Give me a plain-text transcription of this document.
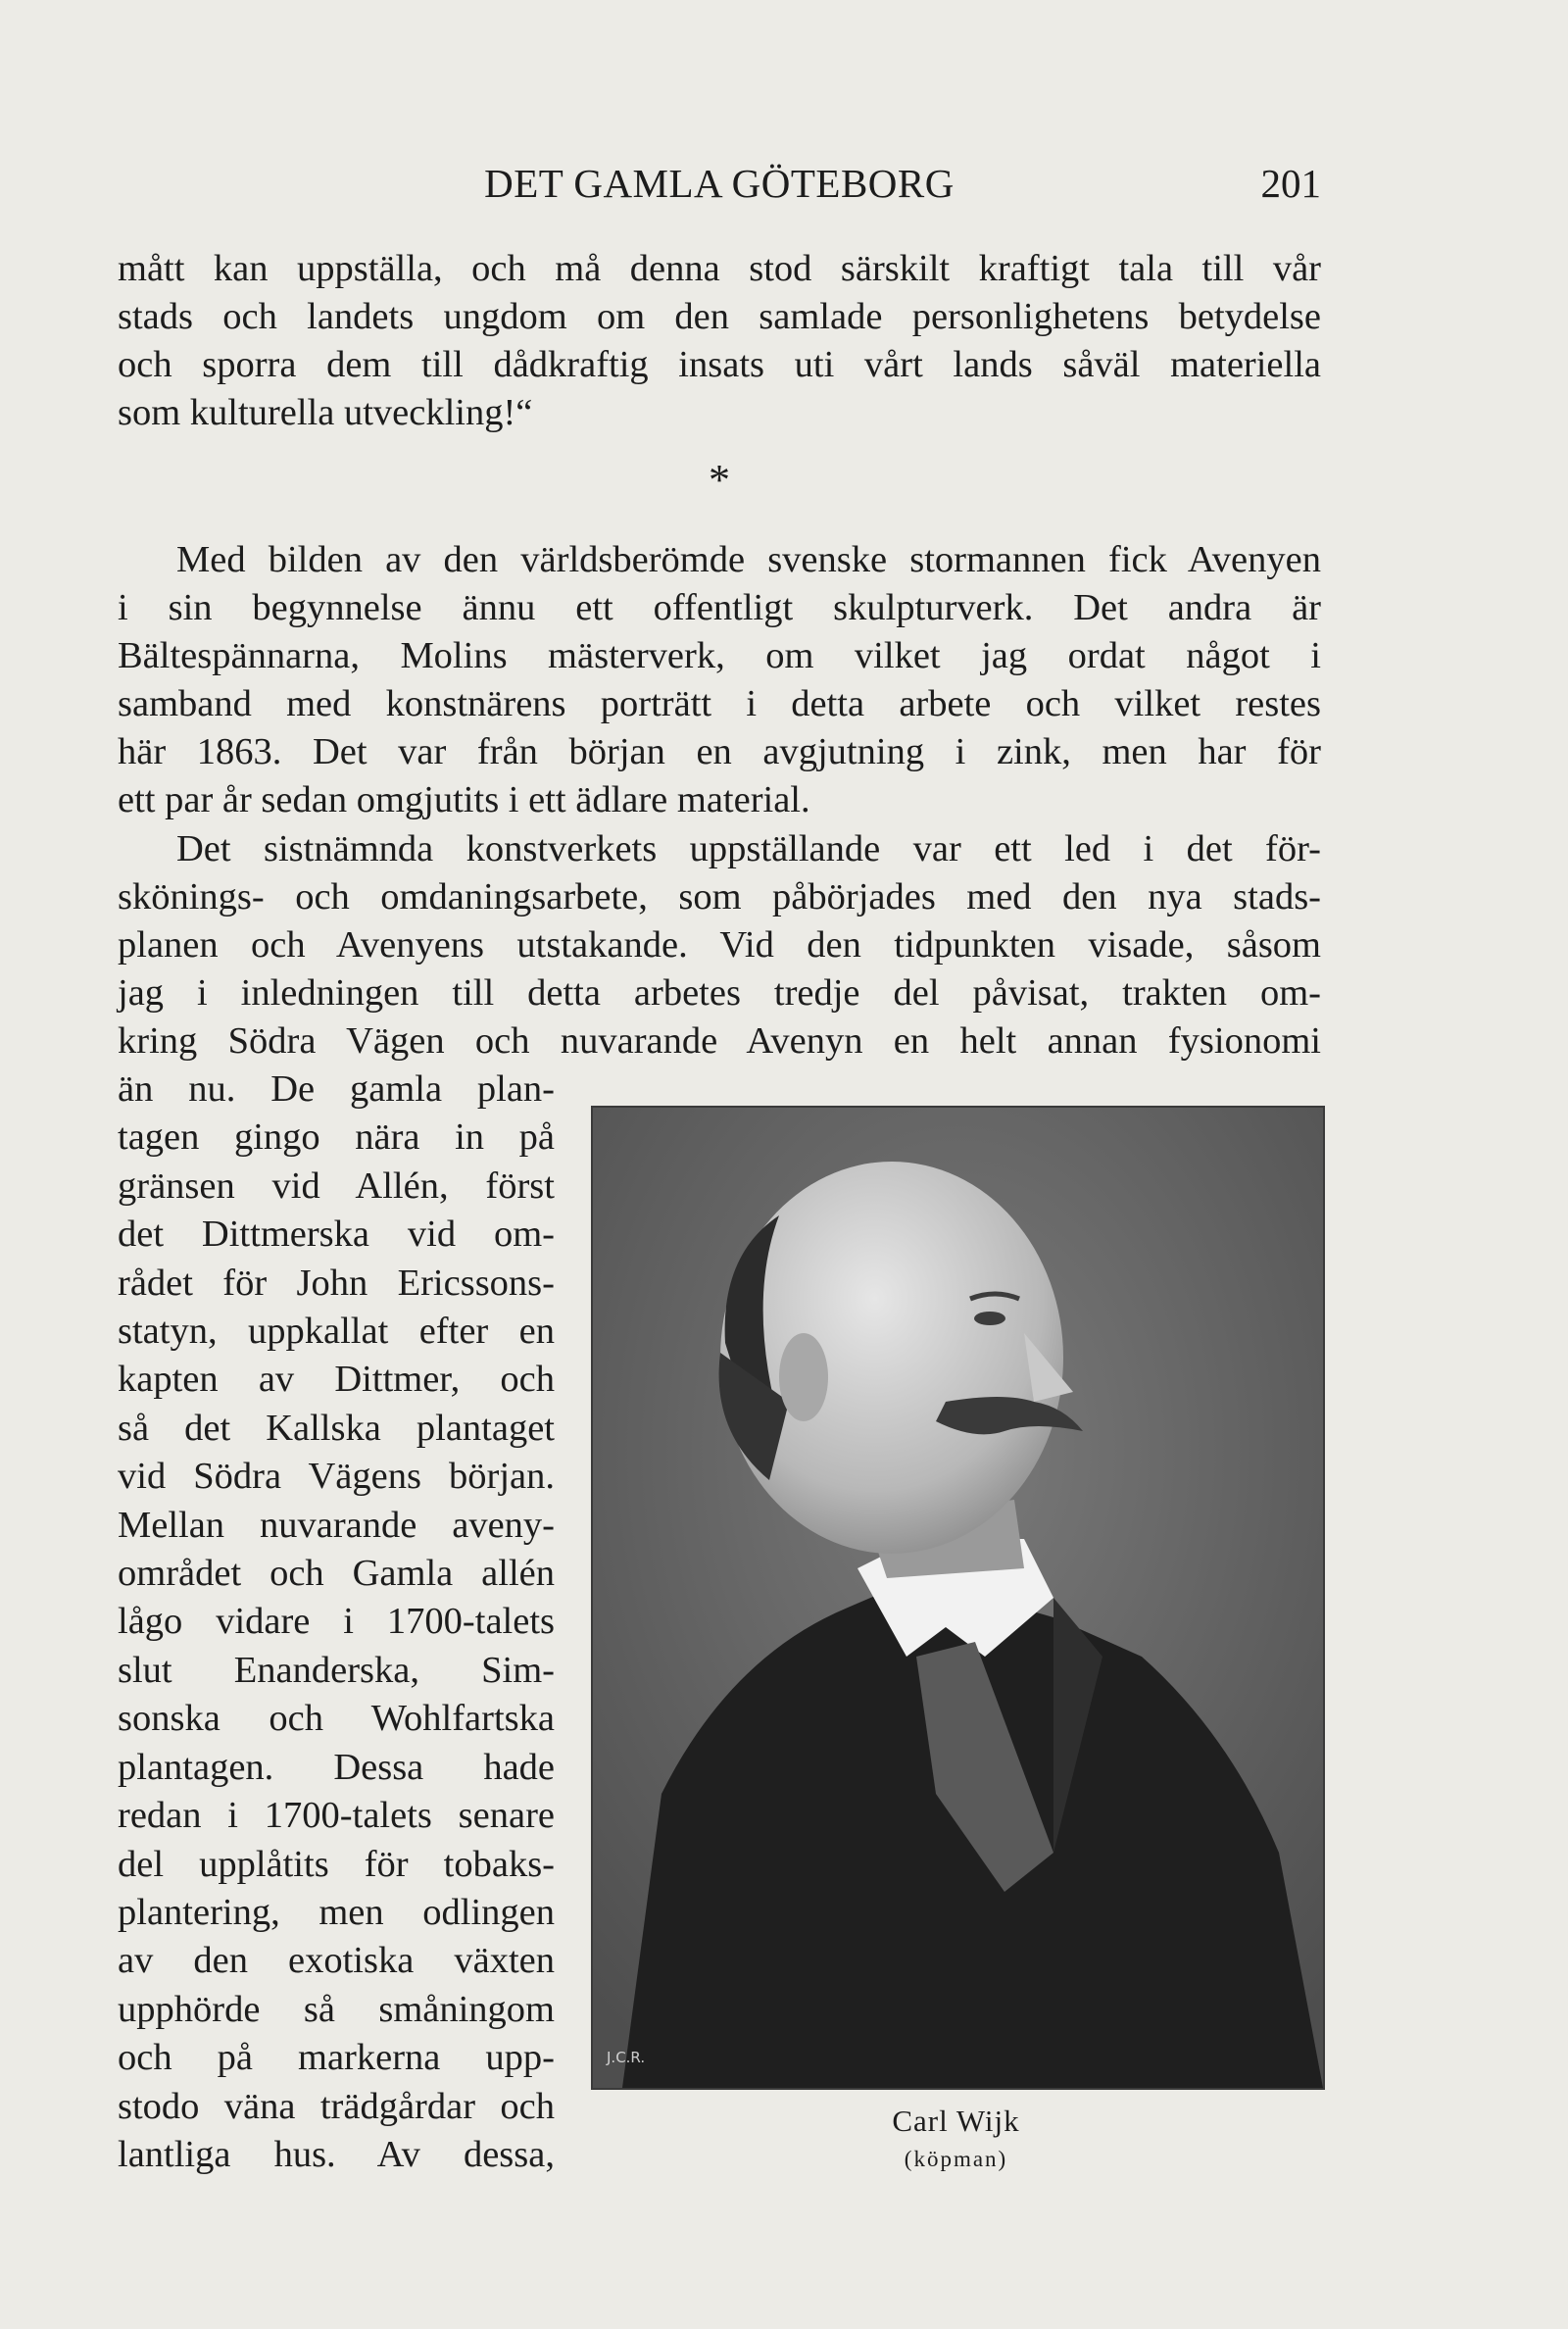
DET GAMLA GÖTEBORG	201

mått kan uppställa, och må denna stod särskilt kraftigt tala till vår
stads och landets ungdom om den samlade personlighetens betydelse
och sporra dem till dådkraftig insats uti vårt lands såväl materiella
som kulturella utveckling!“

*

Med bilden av den världsberömde svenske stormannen fick Avenyen
i sin begynnelse ännu ett offentligt skulpturverk. Det andra är
Bältespännarna, Molins mästerverk, om vilket jag ordat något i
samband med konstnärens porträtt i detta arbete och vilket restes
här 1863. Det var från början en avgjutning i zink, men har för
ett par år sedan omgjutits i ett ädlare material.

Det sistnämnda konstverkets uppställande var ett led i det för-
skönings- och omdaningsarbete, som påbörjades med den nya stads-
planen och Avenyens utstakande. Vid den tidpunkten visade, såsom
jag i inledningen till detta arbetes tredje del påvisat, trakten om-
kring Södra Vägen och nuvarande Avenyn en helt annan fysionomi

än nu. De gamla plan-
tagen gingo nära in på
gränsen vid Allén, först
det Dittmerska vid om-
rådet för John Ericssons-
statyn, uppkallat efter en
kapten av Dittmer, och
så det Kallska plantaget
vid Södra Vägens början.
Mellan nuvarande aveny-
området och Gamla allén
lågo vidare i 1700-talets
slut Enanderska, Sim-
sonska och Wohlfartska
plantagen. Dessa hade
redan i 1700-talets senare
del upplåtits för tobaks-
plantering, men odlingen
av den exotiska växten
upphörde så småningom
och på markerna upp-
stodo väna trädgårdar och
lantliga hus. Av dessa,
J.C.R.
Carl Wijk
(köpman)
